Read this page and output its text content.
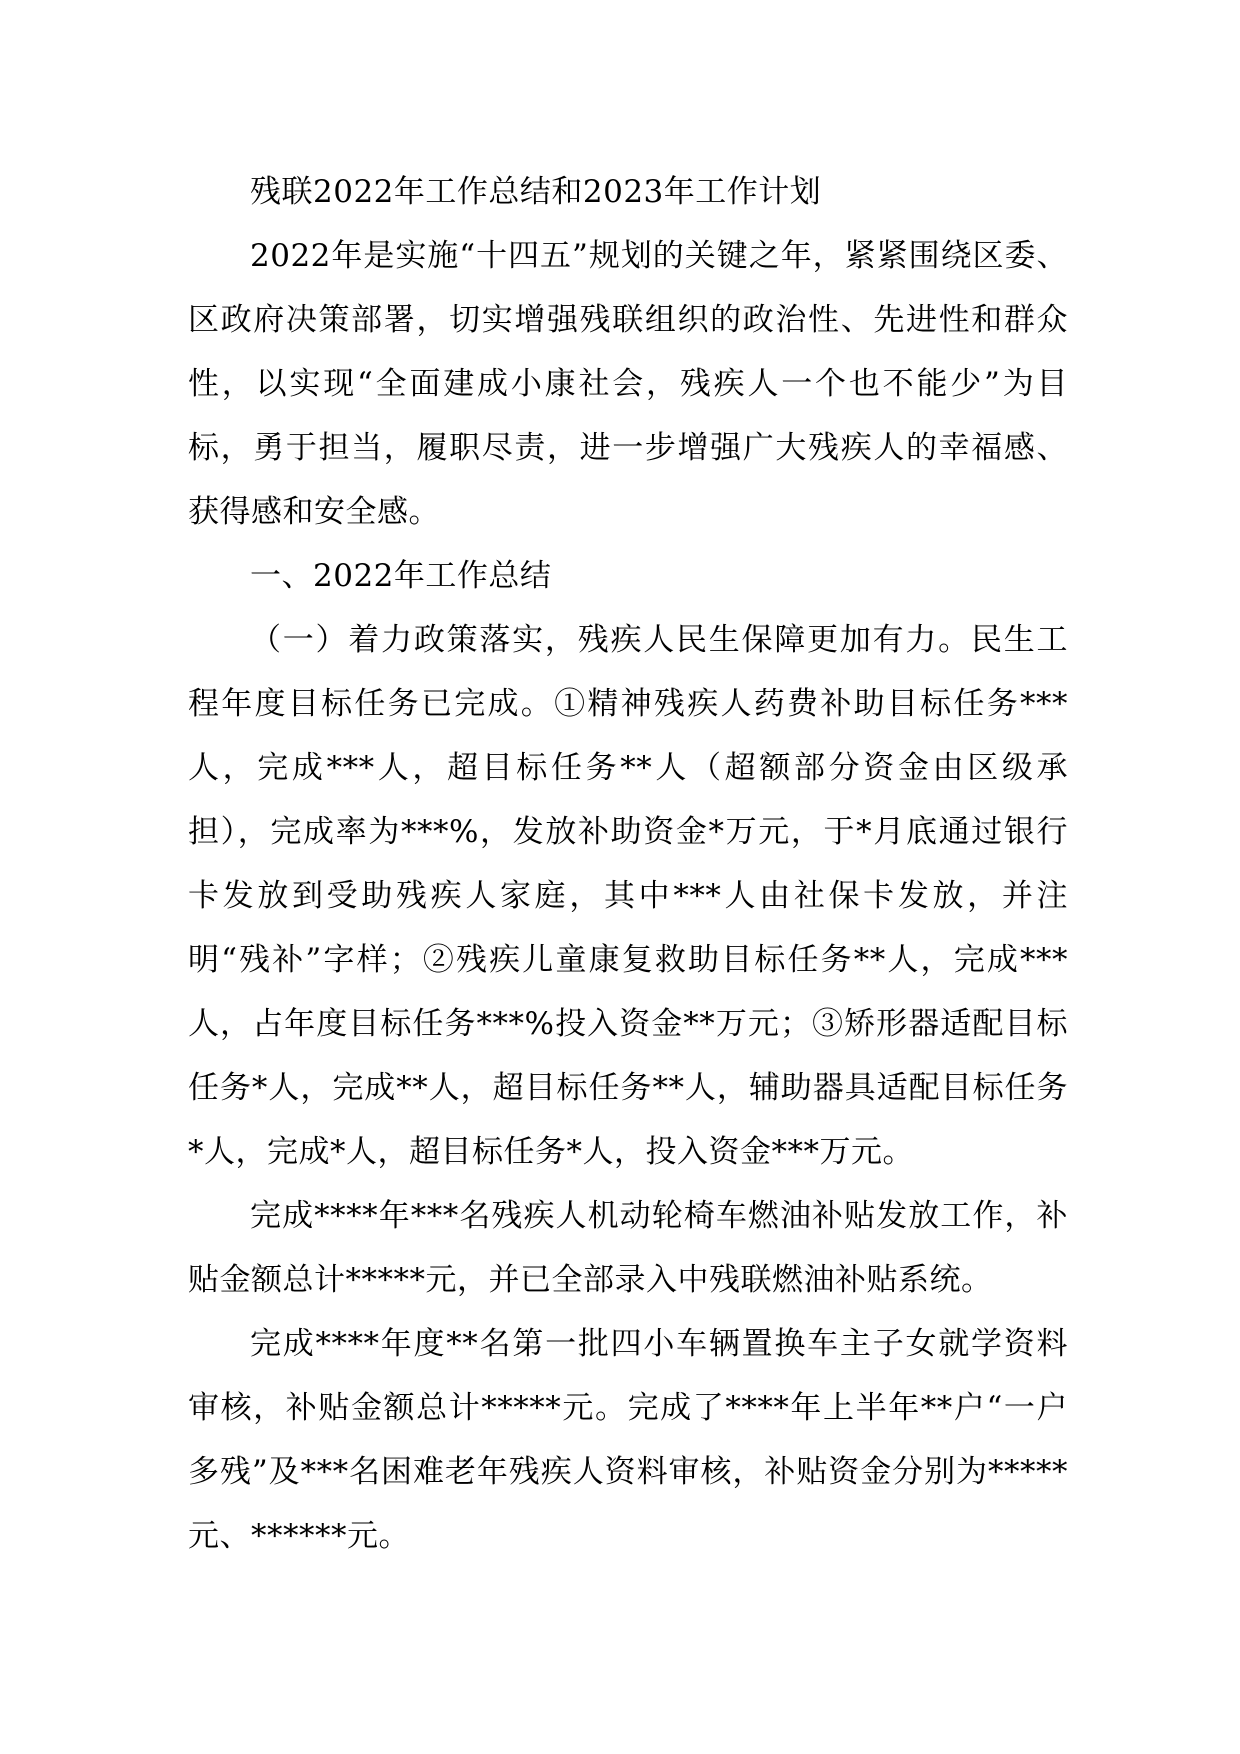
残联2022年工作总结和2023年工作计划

2022年是实施“十四五”规划的关键之年，紧紧围绕区委、区政府决策部署，切实增强残联组织的政治性、先进性和群众性，以实现“全面建成小康社会，残疾人一个也不能少”为目标，勇于担当，履职尽责，进一步增强广大残疾人的幸福感、获得感和安全感。

一、2022年工作总结

（一）着力政策落实，残疾人民生保障更加有力。民生工程年度目标任务已完成。①精神残疾人药费补助目标任务***人，完成***人，超目标任务**人（超额部分资金由区级承担），完成率为***%，发放补助资金*万元，于*月底通过银行卡发放到受助残疾人家庭，其中***人由社保卡发放，并注明“残补”字样；②残疾儿童康复救助目标任务**人，完成***人，占年度目标任务***%投入资金**万元；③矫形器适配目标任务*人，完成**人，超目标任务**人，辅助器具适配目标任务*人，完成*人，超目标任务*人，投入资金***万元。

完成****年***名残疾人机动轮椅车燃油补贴发放工作，补贴金额总计*****元，并已全部录入中残联燃油补贴系统。

完成****年度**名第一批四小车辆置换车主子女就学资料审核，补贴金额总计*****元。完成了****年上半年**户“一户多残”及***名困难老年残疾人资料审核，补贴资金分别为*****元、******元。
